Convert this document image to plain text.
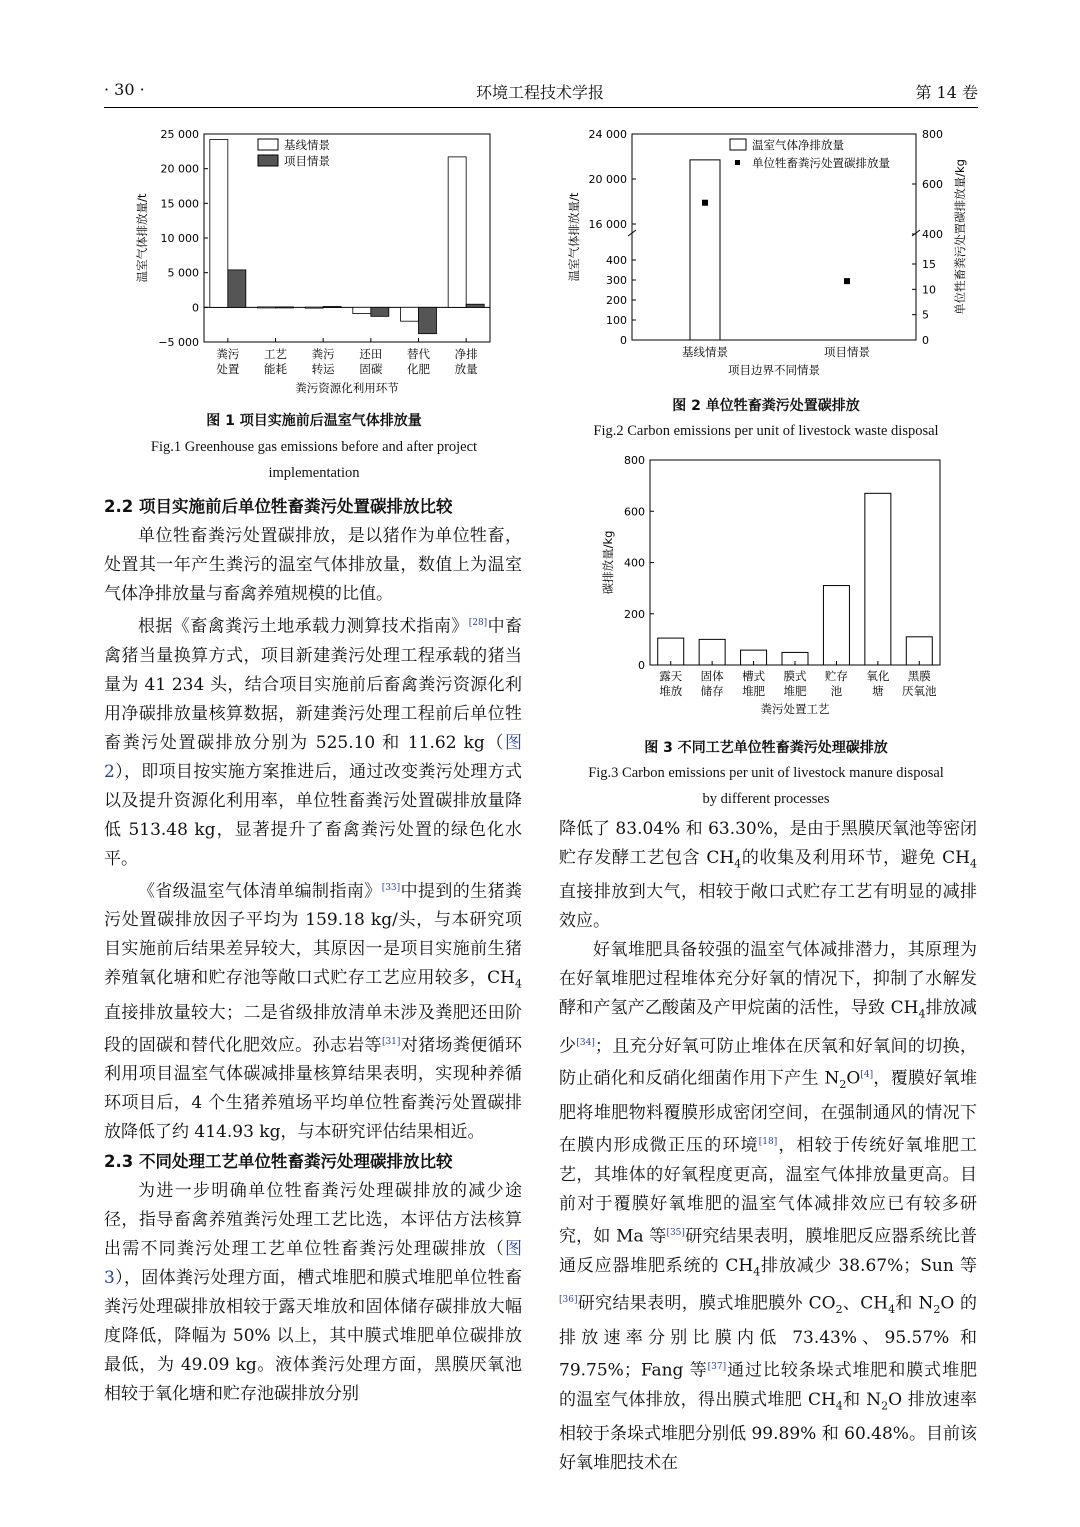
· 30 ·	环境工程技术学报	第 14 卷
25 000
20 000
15 000
10 000
5 000
0
−5 000
粪污
处置
工艺
能耗
粪污
转运
还田
固碳
替代
化肥
净排
放量
温室气体排放量/t
粪污资源化利用环节
基线情景
项目情景
图 1 项目实施前后温室气体排放量
Fig.1 Greenhouse gas emissions before and after project
implementation
24 000
20 000
16 000
400
300
200
100
0
800
600
400
15
10
5
0
基线情景	项目情景
项目边界不同情景
温室气体排放量/t	单位牲畜粪污处置碳排放量/kg
温室气体净排放量
单位牲畜粪污处置碳排放量
图 2 单位牲畜粪污处置碳排放
Fig.2 Carbon emissions per unit of livestock waste disposal
800
600
400
200
0
露天
堆放
固体
储存
槽式
堆肥
膜式
堆肥
贮存
池
氧化
塘
黑膜
厌氧池
粪污处置工艺
碳排放量/kg
图 3 不同工艺单位牲畜粪污处理碳排放
Fig.3 Carbon emissions per unit of livestock manure disposal
by different processes

2.2 项目实施前后单位牲畜粪污处置碳排放比较

单位牲畜粪污处置碳排放，是以猪作为单位牲畜，处置其一年产生粪污的温室气体排放量，数值上为温室气体净排放量与畜禽养殖规模的比值。

根据《畜禽粪污土地承载力测算技术指南》[28]中畜禽猪当量换算方式，项目新建粪污处理工程承载的猪当量为 41 234 头，结合项目实施前后畜禽粪污资源化利用净碳排放量核算数据，新建粪污处理工程前后单位牲畜粪污处置碳排放分别为 525.10 和 11.62 kg（图 2），即项目按实施方案推进后，通过改变粪污处理方式以及提升资源化利用率，单位牲畜粪污处置碳排放量降低 513.48 kg，显著提升了畜禽粪污处置的绿色化水平。

《省级温室气体清单编制指南》[33]中提到的生猪粪污处置碳排放因子平均为 159.18 kg/头，与本研究项目实施前后结果差异较大，其原因一是项目实施前生猪养殖氧化塘和贮存池等敞口式贮存工艺应用较多，$CH_4$直接排放量较大；二是省级排放清单未涉及粪肥还田阶段的固碳和替代化肥效应。孙志岩等[31]对猪场粪便循环利用项目温室气体碳减排量核算结果表明，实现种养循环项目后，4 个生猪养殖场平均单位牲畜粪污处置碳排放降低了约 414.93 kg，与本研究评估结果相近。

2.3 不同处理工艺单位牲畜粪污处理碳排放比较

为进一步明确单位牲畜粪污处理碳排放的减少途径，指导畜禽养殖粪污处理工艺比选，本评估方法核算出需不同粪污处理工艺单位牲畜粪污处理碳排放（图 3），固体粪污处理方面，槽式堆肥和膜式堆肥单位牲畜粪污处理碳排放相较于露天堆放和固体储存碳排放大幅度降低，降幅为 50% 以上，其中膜式堆肥单位碳排放最低，为 49.09 kg。液体粪污处理方面，黑膜厌氧池相较于氧化塘和贮存池碳排放分别

降低了 83.04% 和 63.30%，是由于黑膜厌氧池等密闭贮存发酵工艺包含 $CH_4$的收集及利用环节，避免 $CH_4$直接排放到大气，相较于敞口式贮存工艺有明显的减排效应。

好氧堆肥具备较强的温室气体减排潜力，其原理为在好氧堆肥过程堆体充分好氧的情况下，抑制了水解发酵和产氢产乙酸菌及产甲烷菌的活性，导致 $CH_4$排放减少[34]；且充分好氧可防止堆体在厌氧和好氧间的切换，防止硝化和反硝化细菌作用下产生 $N_2O[4]$，覆膜好氧堆肥将堆肥物料覆膜形成密闭空间，在强制通风的情况下在膜内形成微正压的环境[18]，相较于传统好氧堆肥工艺，其堆体的好氧程度更高，温室气体排放量更高。目前对于覆膜好氧堆肥的温室气体减排效应已有较多研究，如 Ma 等[35]研究结果表明，膜堆肥反应器系统比普通反应器堆肥系统的 $CH_4$排放减少 38.67%；Sun 等[36]研究结果表明，膜式堆肥膜外 $CO_2$、$CH_4$和 $N_2O$ 的排放速率分别比膜内低 73.43%、95.57% 和 79.75%；Fang 等[37]通过比较条垛式堆肥和膜式堆肥的温室气体排放，得出膜式堆肥 $CH_4$和 $N_2O$ 排放速率相较于条垛式堆肥分别低 99.89% 和 60.48%。目前该好氧堆肥技术在
